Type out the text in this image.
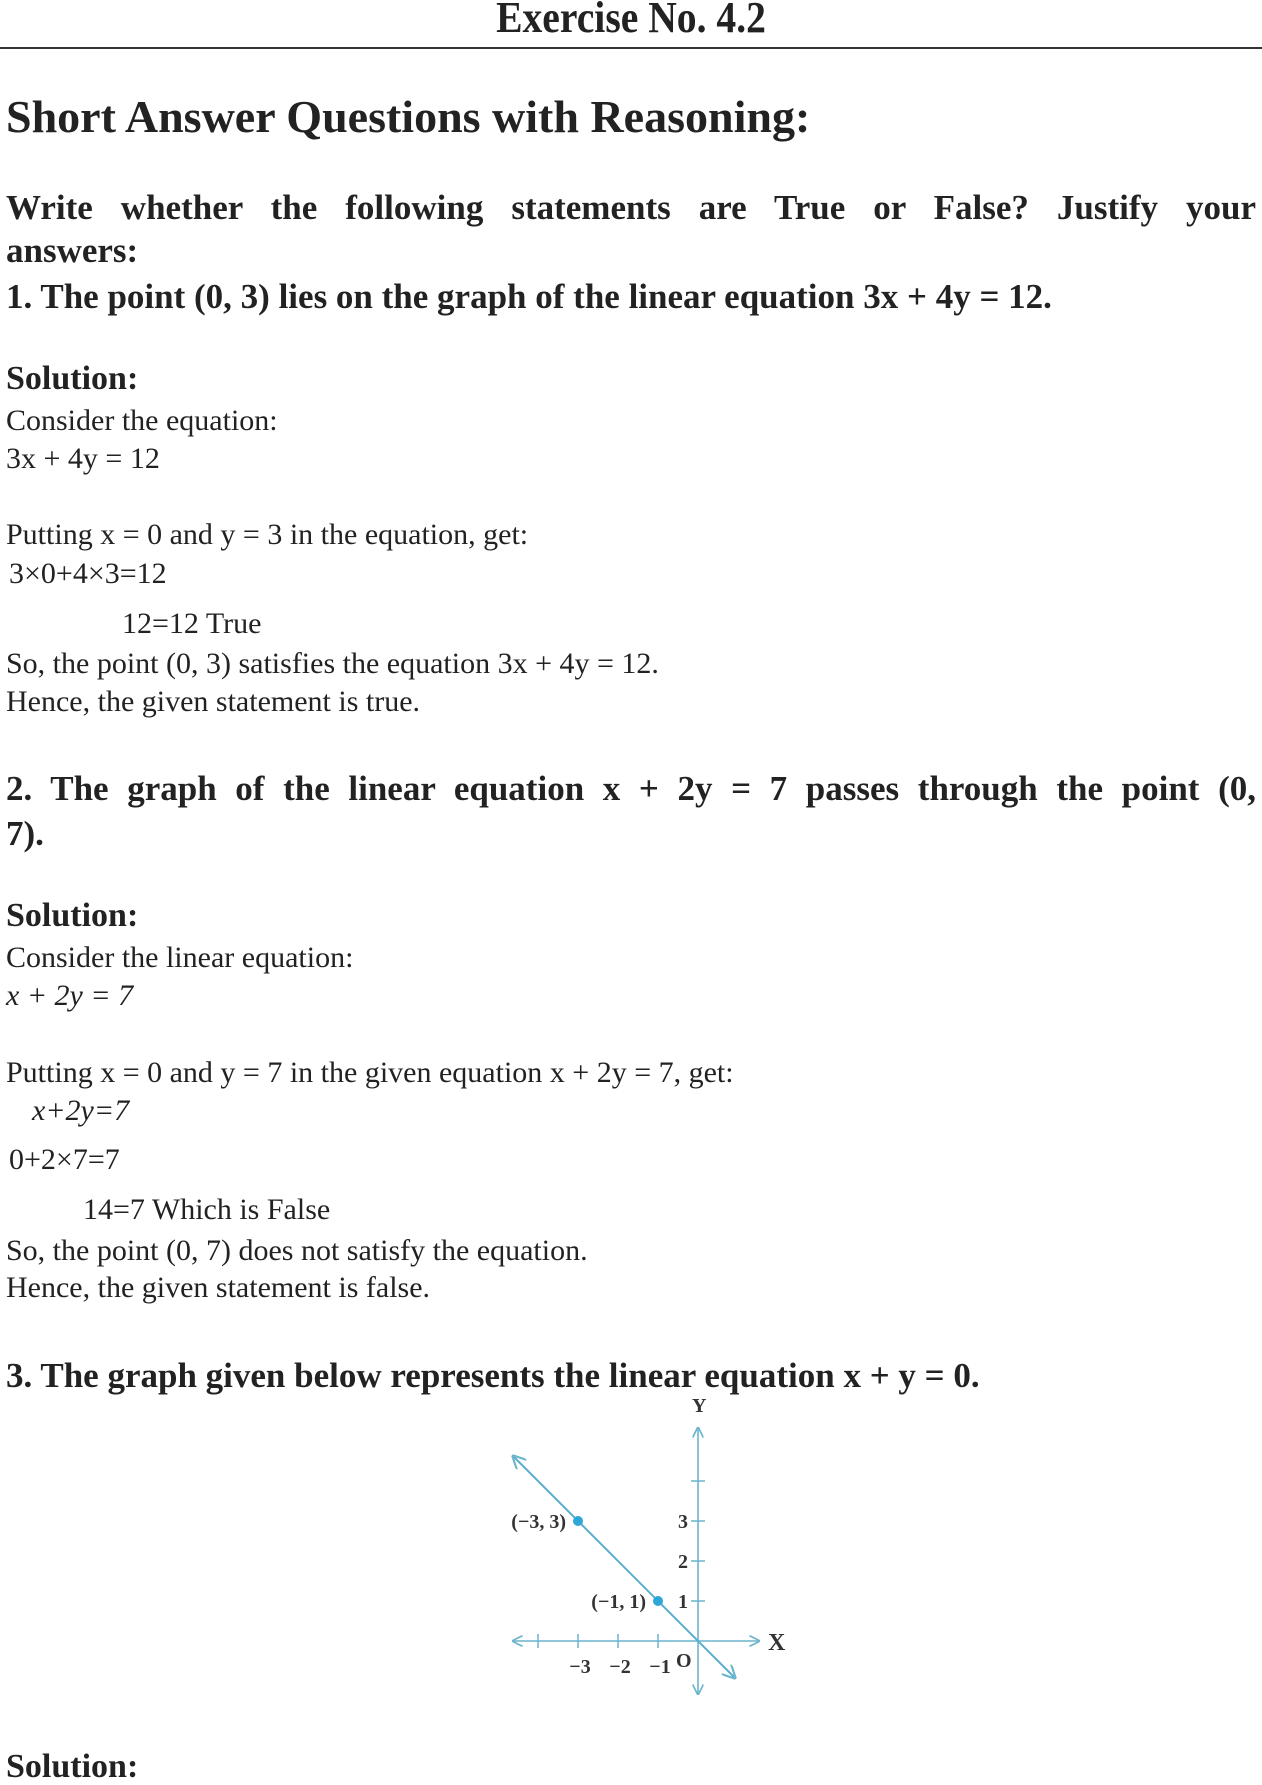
Exercise No. 4.2
Short Answer Questions with Reasoning:
Write whether the following statements are True or False? Justify your
answers:
1. The point (0, 3) lies on the graph of the linear equation 3x + 4y = 12.
Solution:
Consider the equation:
3x + 4y = 12
Putting x = 0 and y = 3 in the equation, get:
3×0+4×3=12
12=12 True
So, the point (0, 3) satisfies the equation 3x + 4y = 12.
Hence, the given statement is true.
2. The graph of the linear equation x + 2y = 7 passes through the point (0,
7).
Solution:
Consider the linear equation:
x + 2y = 7
Putting x = 0 and y = 7 in the given equation x + 2y = 7, get:
x+2y=7
0+2×7=7
14=7 Which is False
So, the point (0, 7) does not satisfy the equation.
Hence, the given statement is false.
3. The graph given below represents the linear equation x + y = 0.
−3 −2 −1
1
2
3
(−3, 3)
(−1, 1)
Y
X
O
Solution:
